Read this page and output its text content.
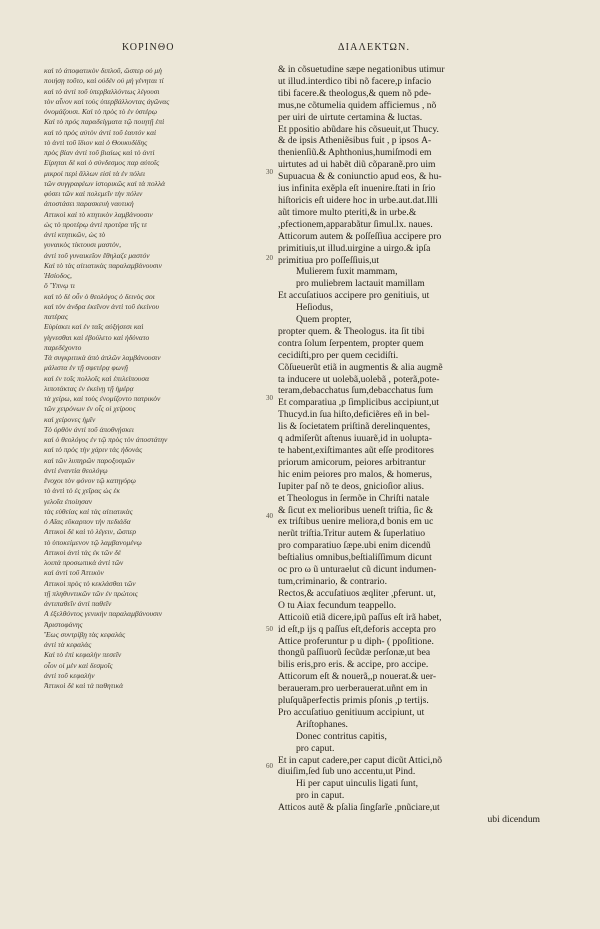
ΚΟΡΙΝΘΟ	ΔΙΑΛΕΚΤΩΝ.
30
20
30
40
50
60
καὶ τὸ ἀποφατικὸν διπλοῦ, ὥσπερ οὐ μὴ
ποιήσῃ τοῦτο, καὶ οὐδὲν οὐ μὴ γένηται τί
καὶ τὸ ἀντὶ τοῦ ὑπερβαλλόντως λέγουσι
τὸν αἶνον καὶ τοὺς ὑπερβάλλοντας ἀγῶνας
ὀνομάζουσι. Καὶ τὸ πρὸς τὸ ἐν ὑστέρῳ
Καὶ τὸ πρός παραδείγματα τῷ ποιητῇ ἐπὶ
καὶ τὸ πρὸς αὐτὸν ἀντὶ τοῦ ἑαυτόν καὶ
τὸ ἀντὶ τοῦ ἴδιον καὶ ὁ Θουκυδίδης
πρὸς βίαν ἀντὶ τοῦ βιαίως καὶ τὸ ἀντὶ
Εἰρηται δὲ καὶ ὁ σύνδεσμος παρ αὐτοῖς
μικροὶ περὶ ἄλλων εἰσὶ τὰ ἐν πόλει
τῶν συγγραφέων ἱστορικῶς καὶ τὰ πολλὰ
φύσει τῶν καὶ πολεμεῖν τὴν πόλιν
ἀποστάσει παρασκευὴ ναυτικὴ
Αττικοὶ καὶ τὸ κτητικὸν λαμβάνουσιν
ὡς τὸ προτέρῳ ἀντὶ προτέρα τῆς τε
ἀντὶ κτητικῶν, ὡς τὸ
γυναικὸς τίκτουσι μαστὸν,
ἀντὶ τοῦ γυναικεῖον ἔθηλαζε μαστόν
Καὶ τὸ τὰς αἰτιατικὰς παραλαμβάνουσιν
Ἡσίοδος,
ὅ Ὕπνῳ τι
καὶ τὸ δὲ οὖν ὁ θεολόγος ὁ δεινὸς σοι
καὶ τὸν ἀνδρα ἐκεῖνον ἀντὶ τοῦ ἐκείνου
πατέρας
Εὑρίσκει καὶ ἐν ταῖς αὐξήσεσι καὶ
γίγνεσθαι καὶ ἐβούλετο καὶ ἠδύνατο
παρεδέχοντο
Τὰ συγκριτικὰ ἀπὸ ἁπλῶν λαμβάνουσιν
μάλιστα ἐν τῇ σφετέρᾳ φωνῇ
καὶ ἐν τοῖς πολλοῖς καὶ ἐπιλείπουσα
λιποτάκτας ἐν ἐκείνῃ τῇ ἡμέρᾳ
τὰ χείρω, καὶ τοὺς ἐνομίζοντο πατρικὸν
τῶν χειρόνων ἐν οἷς οἱ χείρους
καὶ χείρονες ἡμῖν
Τὸ ὀρθὸν ἀντὶ τοῦ ἀποθνῄσκει
καὶ ὁ θεολόγος ἐν τῷ πρὸς τὸν ἀποστάτην
καὶ τὸ πρὸς τὴν χάριν τὰς ἡδονὰς
καὶ τῶν λυπηρῶν παροξυσμῶν
ἀντὶ ἐναντία θεολόγῳ
ἔνοχοι τὸν φόνον τῷ κατηγόρῳ
τὸ ἀντὶ τὸ ἐς χεῖρας ὡς ἐκ
γελοῖα ἐποίησαν
τὰς εὐθείας καὶ τὰς αἰτιατικὰς
ὁ Αἴας εὔκαρπον τὴν πεδιάδα
Αττικοὶ δὲ καὶ τὸ λέγειν, ὥσπερ
τὸ ὑποκείμενον τῷ λαμβανομένῳ
Αττικοὶ ἀντὶ τὰς ἐκ τῶν δὲ
λοιπὰ προσωπικὰ ἀντὶ τῶν
καὶ ἀντὶ τοῦ Ἀττικὸν
Αττικοὶ πρὸς τὸ κεκλάσθαι τῶν
τῇ πληθυντικῶν τῶν ἐν πρώτοις
ἀντιπαθεῖν ἀντὶ παθεῖν
Α ἐξελθόντος γενικὴν παραλαμβάνουσιν
Ἀριστοφάνης
Ἕως συντρίβῃ τὰς κεφαλάς
ἀντὶ τὰ κεφαλὰς
Καὶ τὸ ἐπὶ κεφαλὴν πεσεῖν
οἷον οἱ μὲν καὶ δεσμοῖς
ἀντὶ τοῦ κεφαλὴν
Ἀττικοὶ δὲ καὶ τὰ παθητικὰ
& in cõsuetudine sæpe negationibus utimur
ut illud.interdico tibi nõ facere,p infacio
tibi facere.& theologus,& quem nõ pde-
mus,ne cõtumelia quidem afficiemus , nõ
per uiri de uirtute certamina & luctas.
Et ppositio abũdare his cõsueuit,ut Thucy.
& de ipsis Atheniẽsibus fuit , p ipsos Α-
thenienſiũ.& Aphthonius,humiſmodi em
uirtutes ad ui habẽt diũ cõparanẽ.pro uim
Supuacua & & coniunctio apud eos, & hu-
ius infinita exẽpla eſt inuenire.ſtati in ſrio
hiſtoricis eſt uidere hoc in urbe.aut.dat.Illi
aũt timore multo pteriti,& in urbe.&
,pfectionem,apparabãtur ſimul.lx. naues.
Atticorum autem & poſſeſſiua accipere pro
primitiuis,ut illud.uirgine a uirgo.& ipſa
primitiua pro poſſeſſiuis,ut
Mulierem fuxit mammam,
pro muliebrem lactauit mamillam
Et accuſatiuos accipere pro genitiuis, ut
Heſiodus,
Quem propter,
propter quem. & Theologus. ita ſit tibi
contra ſolum ſerpentem, propter quem
cecidiſti,pro per quem cecidiſti.
Cõſueuerũt etiã in augmentis & alia augmẽ
ta inducere ut uolebã,uolebã , poterã,pote-
teram,debacchatus ſum,debacchatus ſum
Et comparatiua ,p ſimplicibus accipiunt,ut
Thucyd.in ſua hiſto,deficiẽres eñ in bel-
lis & ſocietatem priſtinã derelinquentes,
q admiſerũt aſtenus iuuarẽ,id in uolupta-
te habent,exiſtimantes aũt eſſe proditores
priorum amicorum, peiores arbitrantur
hic enim peiores pro malos, & homerus,
Iupiter paſ nõ te deos, gnicioſior alius.
et Theologus in ſermõe in Chriſti natale
& ſicut ex melioribus ueneſt triſtia, ſic &
ex triſtibus uenire meliora,d bonis em uc
nerũt triſtia.Tritur autem & ſuperlatiuo
pro comparatiuo ſæpe.ubi enim dicendũ
beſtialius omnibus,beſtialiſſimum dicunt
oc pro ω ũ unturaelut cũ dicunt indumen-
tum,criminario, & contrario.
Rectos,& accuſatiuos æqliter ,pferunt. ut,
Ο tu Aiax fecundum teappello.
Atticoiũ etiã dicere,ipũ paſſus eſt irã habet,
id eſt,p ijs q paſſus eſt,deforis accepta pro
Attice proferuntur p u diph- ( ppoſitione.
thongũ paſſiuorũ ſecũdæ perſonæ,ut bea
bilis eris,pro eris. & accipe, pro accipe.
Atticorum eſt & nouerã,,p nouerat.& uer-
beraueram.pro uerberauerat.uñnt em in
pluſquãperfectis primis pſonis ,p tertijs.
Pro accuſatiuo genitiuum accipiunt, ut
Ariſtophanes.
Donec contritus capitis,
pro caput.
Et in caput cadere,per caput dicũt Attici,nõ
diuiſim,ſed ſub uno accentu,ut Pind.
Hi per caput uinculis ligati ſunt,
pro in caput.
Atticos autẽ & pſalia ſingſarĩe ,pnũciare,ut
ubi dicendum
